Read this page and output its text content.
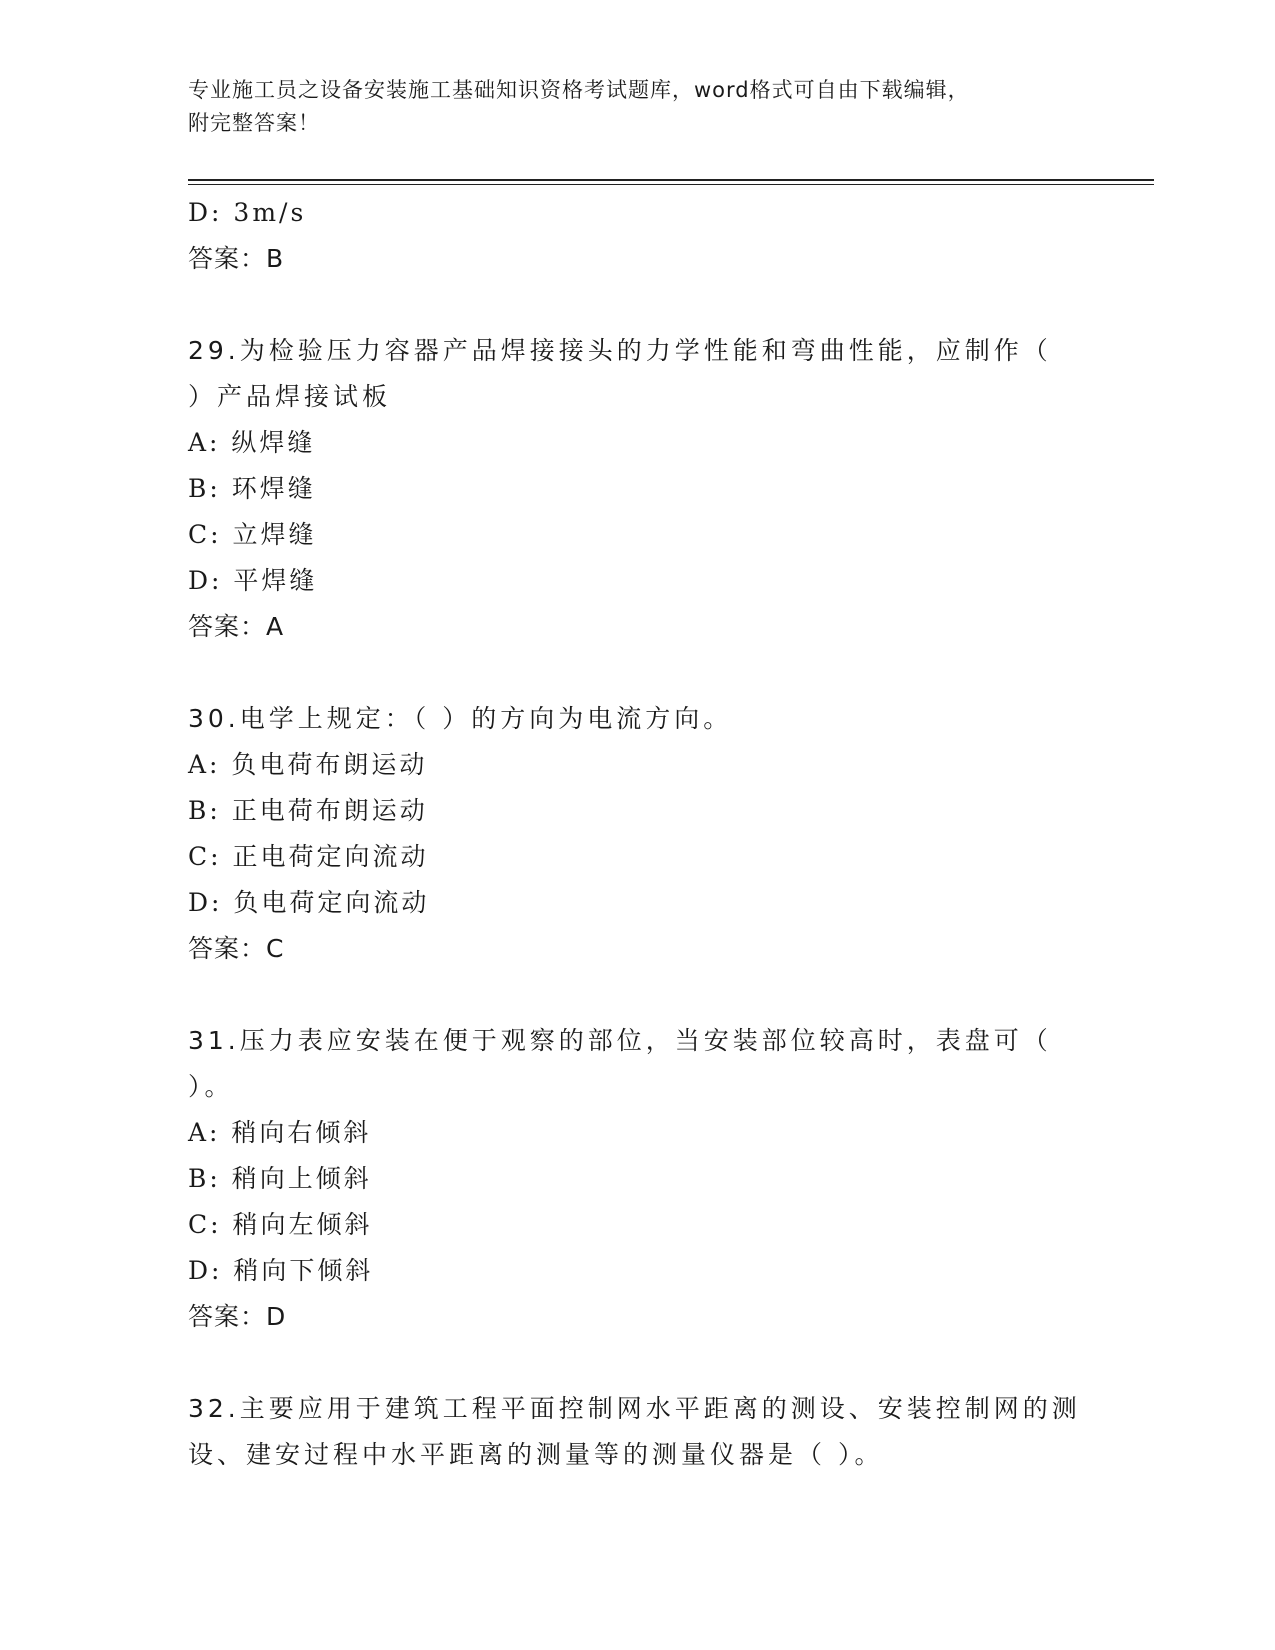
专业施工员之设备安装施工基础知识资格考试题库，word格式可自由下载编辑，
附完整答案！
D: 3m/s
答案：B
29.为检验压力容器产品焊接接头的力学性能和弯曲性能，应制作（
）产品焊接试板
A: 纵焊缝
B: 环焊缝
C: 立焊缝
D: 平焊缝
答案：A
30.电学上规定：（ ）的方向为电流方向。
A: 负电荷布朗运动
B: 正电荷布朗运动
C: 正电荷定向流动
D: 负电荷定向流动
答案：C
31.压力表应安装在便于观察的部位，当安装部位较高时，表盘可（
）。
A: 稍向右倾斜
B: 稍向上倾斜
C: 稍向左倾斜
D: 稍向下倾斜
答案：D
32.主要应用于建筑工程平面控制网水平距离的测设、安装控制网的测
设、建安过程中水平距离的测量等的测量仪器是（ ）。
